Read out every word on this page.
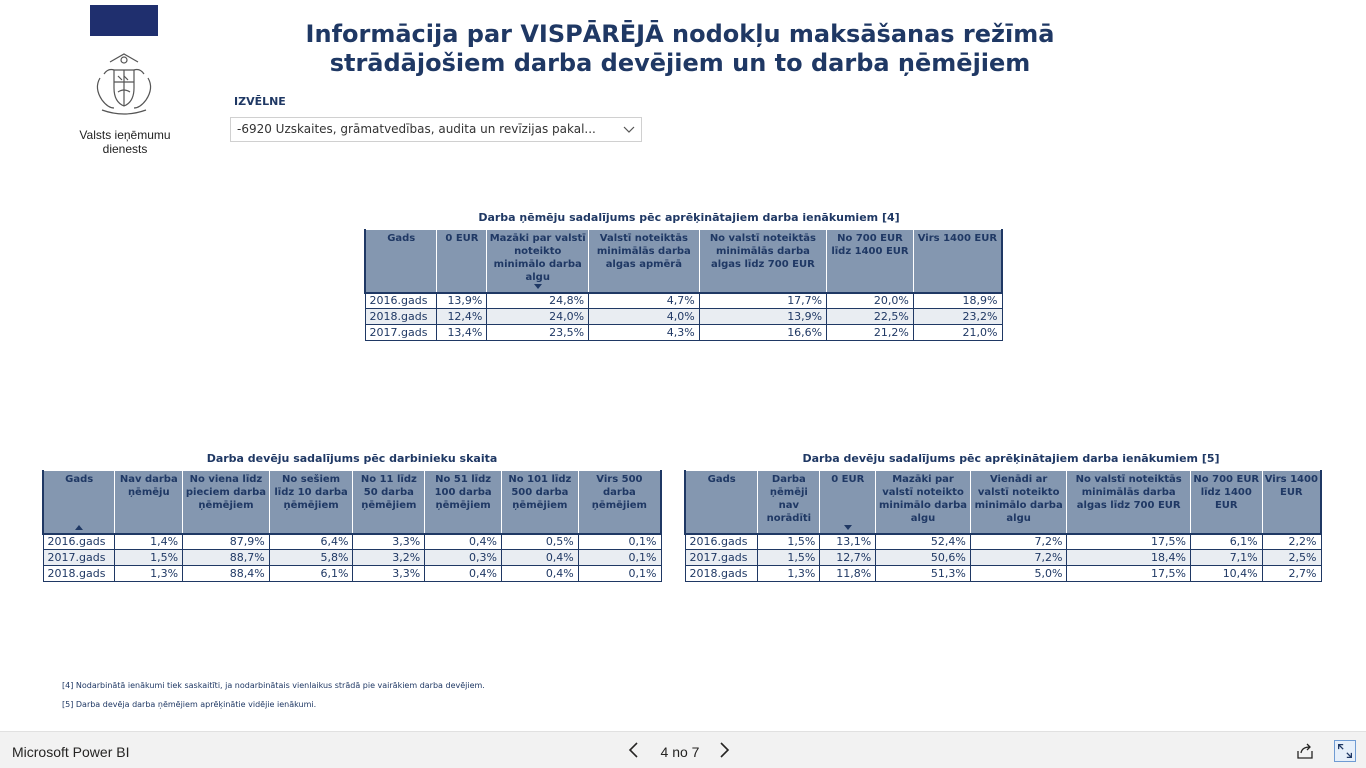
Valsts ieņēmumu
dienests
Informācija par VISPĀRĒJĀ nodokļu maksāšanas režīmā
strādājošiem darba devējiem un to darba ņēmējiem
IZVĒLNE
-6920 Uzskaites, grāmatvedības, audita un revīzijas pakal...
Darba ņēmēju sadalījums pēc aprēķinātajiem darba ienākumiem [4]
Gads	0 EUR	Mazāki par valstī noteikto minimālo darba algu	Valstī noteiktās minimālās darba algas apmērā	No valstī noteiktās minimālās darba algas līdz 700 EUR	No 700 EUR līdz 1400 EUR	Virs 1400 EUR
2016.gads	13,9%	24,8%	4,7%	17,7%	20,0%	18,9%
2018.gads	12,4%	24,0%	4,0%	13,9%	22,5%	23,2%
2017.gads	13,4%	23,5%	4,3%	16,6%	21,2%	21,0%
Darba devēju sadalījums pēc darbinieku skaita
Gads	Nav darba ņēmēju	No viena līdz pieciem darba ņēmējiem	No sešiem līdz 10 darba ņēmējiem	No 11 līdz 50 darba ņēmējiem	No 51 līdz 100 darba ņēmējiem	No 101 līdz 500 darba ņēmējiem	Virs 500 darba ņēmējiem
2016.gads	1,4%	87,9%	6,4%	3,3%	0,4%	0,5%	0,1%
2017.gads	1,5%	88,7%	5,8%	3,2%	0,3%	0,4%	0,1%
2018.gads	1,3%	88,4%	6,1%	3,3%	0,4%	0,4%	0,1%
Darba devēju sadalījums pēc aprēķinātajiem darba ienākumiem [5]
Gads	Darba ņēmēji nav norādīti	0 EUR	Mazāki par valstī noteikto minimālo darba algu	Vienādi ar valstī noteikto minimālo darba algu	No valstī noteiktās minimālās darba algas līdz 700 EUR	No 700 EUR līdz 1400 EUR	Virs 1400 EUR
2016.gads	1,5%	13,1%	52,4%	7,2%	17,5%	6,1%	2,2%
2017.gads	1,5%	12,7%	50,6%	7,2%	18,4%	7,1%	2,5%
2018.gads	1,3%	11,8%	51,3%	5,0%	17,5%	10,4%	2,7%
[4] Nodarbinātā ienākumi tiek saskaitīti, ja nodarbinātais vienlaikus strādā pie vairākiem darba devējiem.
[5] Darba devēja darba ņēmējiem aprēķinātie vidējie ienākumi.
Microsoft Power BI	4 no 7
